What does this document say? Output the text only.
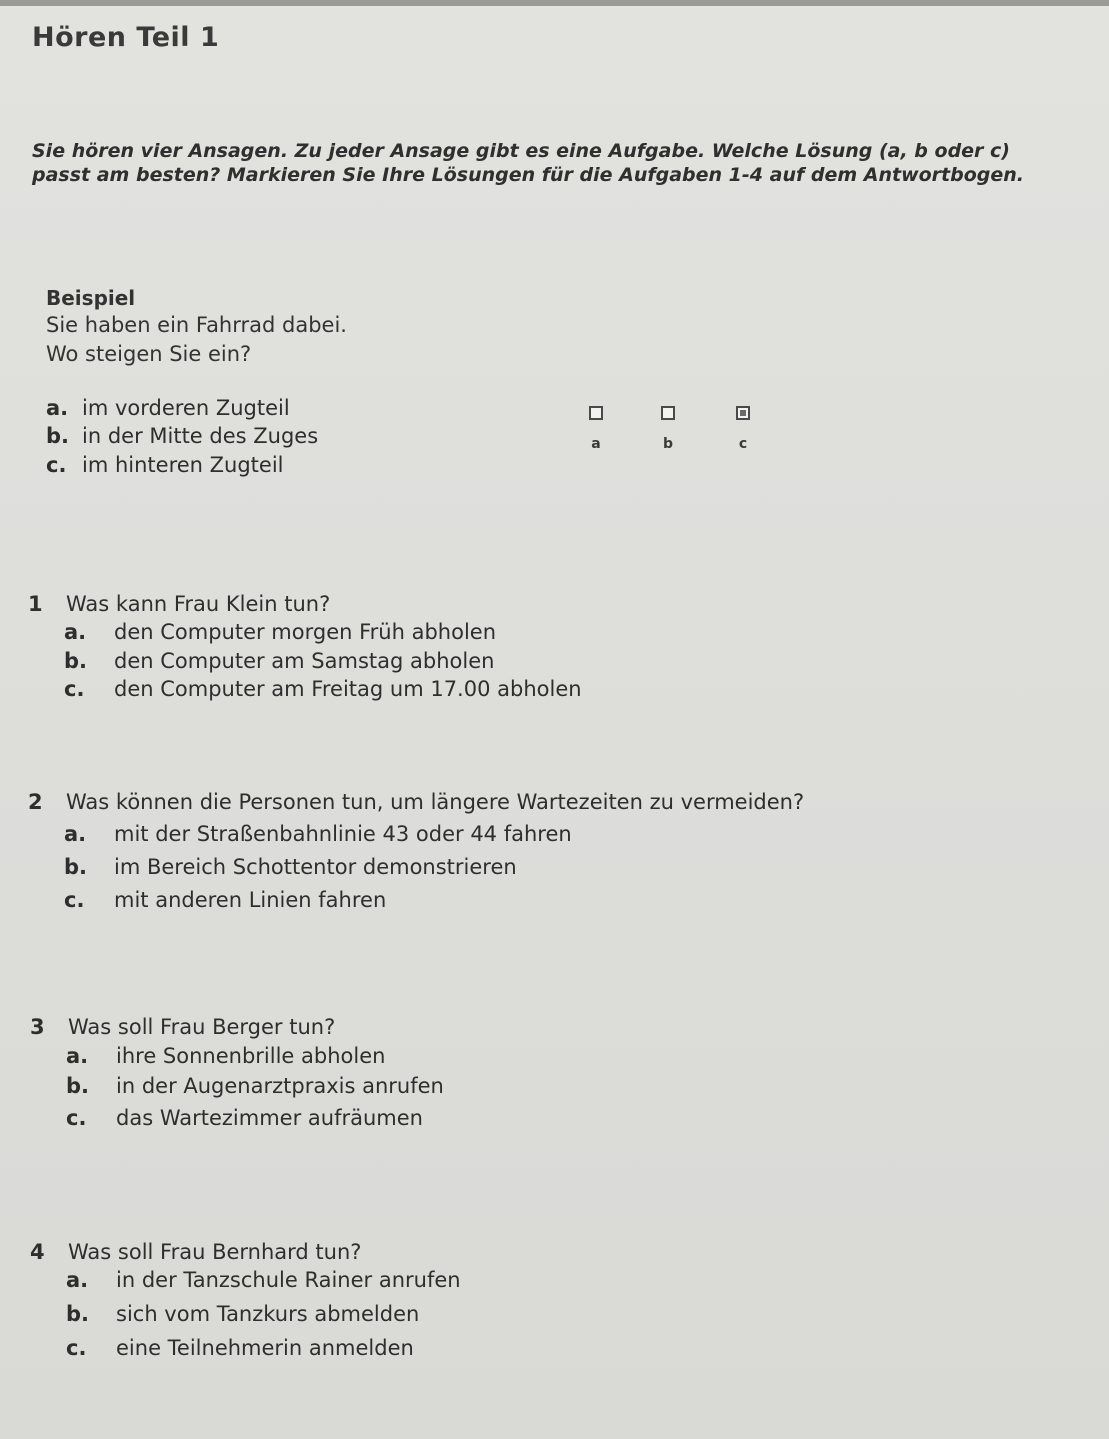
Hören Teil 1
Sie hören vier Ansagen. Zu jeder Ansage gibt es eine Aufgabe. Welche Lösung (a, b oder c)
passt am besten? Markieren Sie Ihre Lösungen für die Aufgaben 1-4 auf dem Antwortbogen.
Beispiel
Sie haben ein Fahrrad dabei.
Wo steigen Sie ein?
a. im vorderen Zugteil
b. in der Mitte des Zuges
c. im hinteren Zugteil
a	b	c
1 Was kann Frau Klein tun?
a. den Computer morgen Früh abholen
b. den Computer am Samstag abholen
c. den Computer am Freitag um 17.00 abholen
2 Was können die Personen tun, um längere Wartezeiten zu vermeiden?
a. mit der Straßenbahnlinie 43 oder 44 fahren
b. im Bereich Schottentor demonstrieren
c. mit anderen Linien fahren
3 Was soll Frau Berger tun?
a. ihre Sonnenbrille abholen
b. in der Augenarztpraxis anrufen
c. das Wartezimmer aufräumen
4 Was soll Frau Bernhard tun?
a. in der Tanzschule Rainer anrufen
b. sich vom Tanzkurs abmelden
c. eine Teilnehmerin anmelden
